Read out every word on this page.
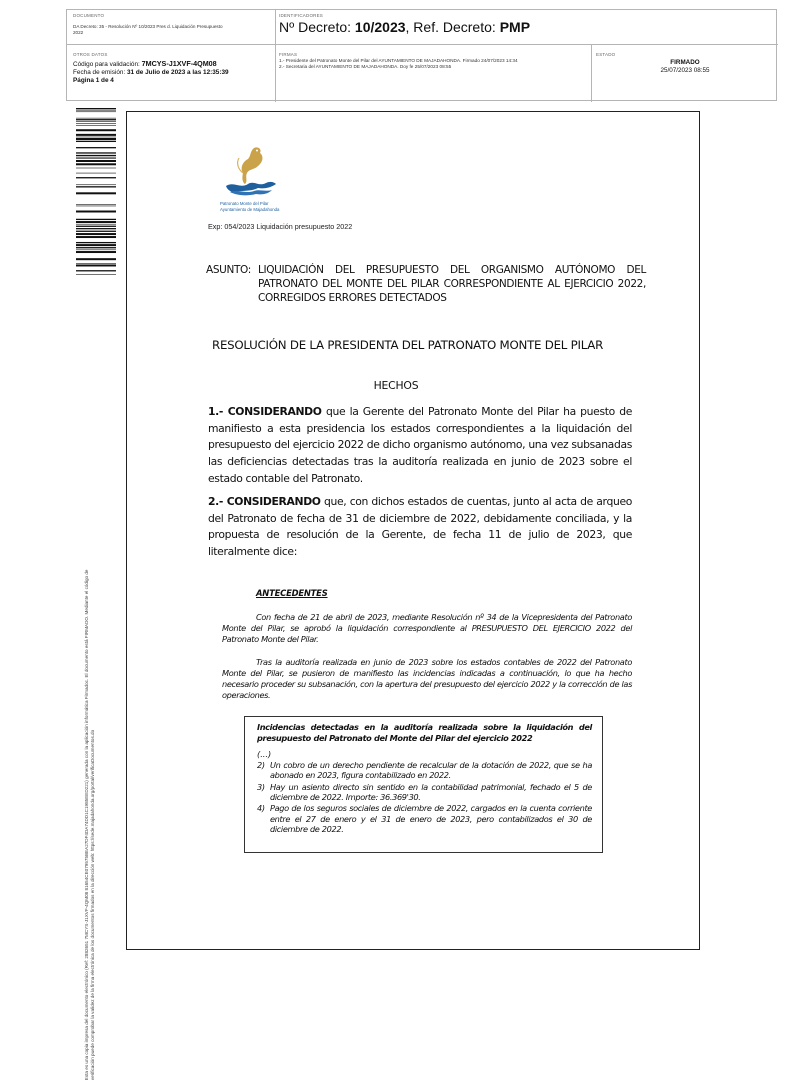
DOCUMENTO
DA Decreto: 35 - Resolución Nº 10/2023 Pres d. Liquidación Presupuesto 2022
IDENTIFICADORES
Nº Decreto: 10/2023, Ref. Decreto: PMP
OTROS DATOS
Código para validación: 7MCYS-J1XVF-4QM08
Fecha de emisión: 31 de Julio de 2023 a las 12:35:39
Página 1 de 4
FIRMAS
1.- Presidente del Patronato Monte del Pilar del AYUNTAMIENTO DE MAJADAHONDA. Firmado 24/07/2023 14:34
2.- Secretaria del AYUNTAMIENTO DE MAJADAHONDA. Doy fe 25/07/2023 08:55
ESTADO
FIRMADO
25/07/2023 08:55
Esta es una copia impresa del documento electrónico (Ref: 2882651 7MCYS-J1XVF-4QM08 81654CE079575BEA27DF4DA74DD1C1985EED221) generada con la aplicación informática Firmadoc. El documento está FIRMADO. Mediante el código de verificación puede comprobar la validez de la firma electrónica de los documentos firmados en la dirección web: https://sede.majadahonda.org/portal/verificaDocumentos.do
Patronato Monte del Pilar
Ayuntamiento de Majadahonda
Exp: 054/2023 Liquidación presupuesto 2022
ASUNTO: LIQUIDACIÓN DEL PRESUPUESTO DEL ORGANISMO AUTÓNOMO DEL PATRONATO DEL MONTE DEL PILAR CORRESPONDIENTE AL EJERCICIO 2022, CORREGIDOS ERRORES DETECTADOS
RESOLUCIÓN DE LA PRESIDENTA DEL PATRONATO MONTE DEL PILAR
HECHOS
1.- CONSIDERANDO que la Gerente del Patronato Monte del Pilar ha puesto de manifiesto a esta presidencia los estados correspondientes a la liquidación del presupuesto del ejercicio 2022 de dicho organismo autónomo, una vez subsanadas las deficiencias detectadas tras la auditoría realizada en junio de 2023 sobre el estado contable del Patronato.
2.- CONSIDERANDO que, con dichos estados de cuentas, junto al acta de arqueo del Patronato de fecha de 31 de diciembre de 2022, debidamente conciliada, y la propuesta de resolución de la Gerente, de fecha 11 de julio de 2023, que literalmente dice:
ANTECEDENTES
Con fecha de 21 de abril de 2023, mediante Resolución nº 34 de la Vicepresidenta del Patronato Monte del Pilar, se aprobó la liquidación correspondiente al PRESUPUESTO DEL EJERCICIO 2022 del Patronato Monte del Pilar.
Tras la auditoría realizada en junio de 2023 sobre los estados contables de 2022 del Patronato Monte del Pilar, se pusieron de manifiesto las incidencias indicadas a continuación, lo que ha hecho necesario proceder su subsanación, con la apertura del presupuesto del ejercicio 2022 y la corrección de las operaciones.
Incidencias detectadas en la auditoría realizada sobre la liquidación del presupuesto del Patronato del Monte del Pilar del ejercicio 2022
(...)
2) Un cobro de un derecho pendiente de recalcular de la dotación de 2022, que se ha abonado en 2023, figura contabilizado en 2022.
3) Hay un asiento directo sin sentido en la contabilidad patrimonial, fechado el 5 de diciembre de 2022. Importe: 36.369'30.
4) Pago de los seguros sociales de diciembre de 2022, cargados en la cuenta corriente entre el 27 de enero y el 31 de enero de 2023, pero contabilizados el 30 de diciembre de 2022.
